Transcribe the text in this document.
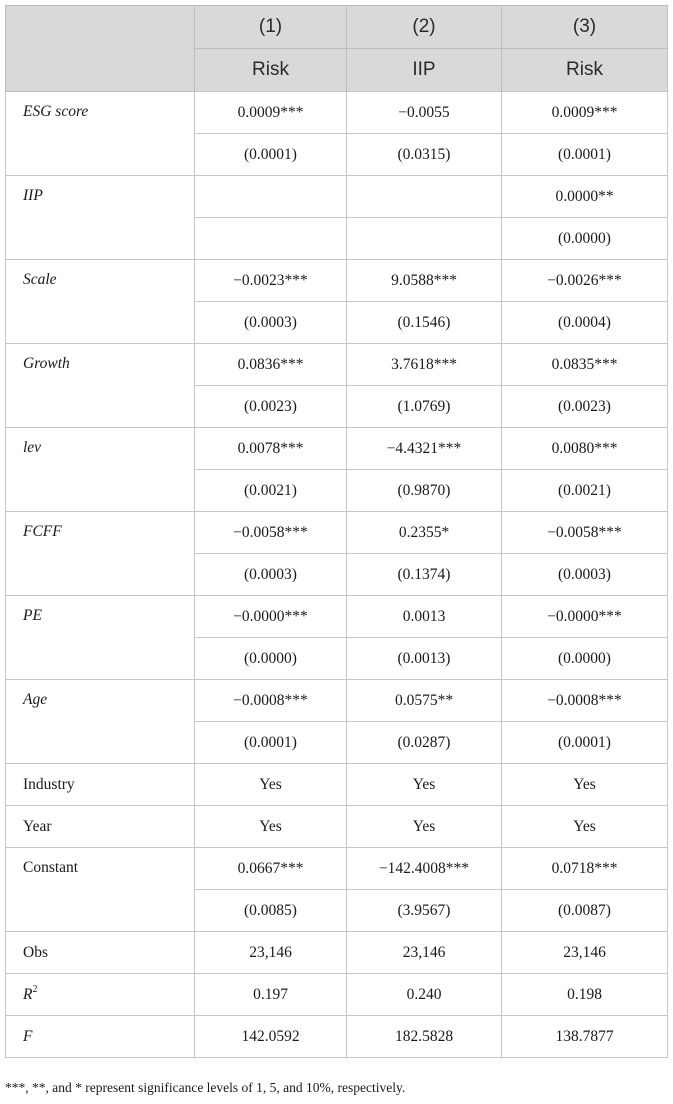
	(1)	(2)	(3)
	Risk	IIP	Risk
ESG score	0.0009***	−0.0055	0.0009***
	(0.0001)	(0.0315)	(0.0001)
IIP			0.0000**
			(0.0000)
Scale	−0.0023***	9.0588***	−0.0026***
	(0.0003)	(0.1546)	(0.0004)
Growth	0.0836***	3.7618***	0.0835***
	(0.0023)	(1.0769)	(0.0023)
lev	0.0078***	−4.4321***	0.0080***
	(0.0021)	(0.9870)	(0.0021)
FCFF	−0.0058***	0.2355*	−0.0058***
	(0.0003)	(0.1374)	(0.0003)
PE	−0.0000***	0.0013	−0.0000***
	(0.0000)	(0.0013)	(0.0000)
Age	−0.0008***	0.0575**	−0.0008***
	(0.0001)	(0.0287)	(0.0001)
Industry	Yes	Yes	Yes
Year	Yes	Yes	Yes
Constant	0.0667***	−142.4008***	0.0718***
	(0.0085)	(3.9567)	(0.0087)
Obs	23,146	23,146	23,146
$R^2$	0.197	0.240	0.198
F	142.0592	182.5828	138.7877
***, **, and * represent significance levels of 1, 5, and 10%, respectively.
